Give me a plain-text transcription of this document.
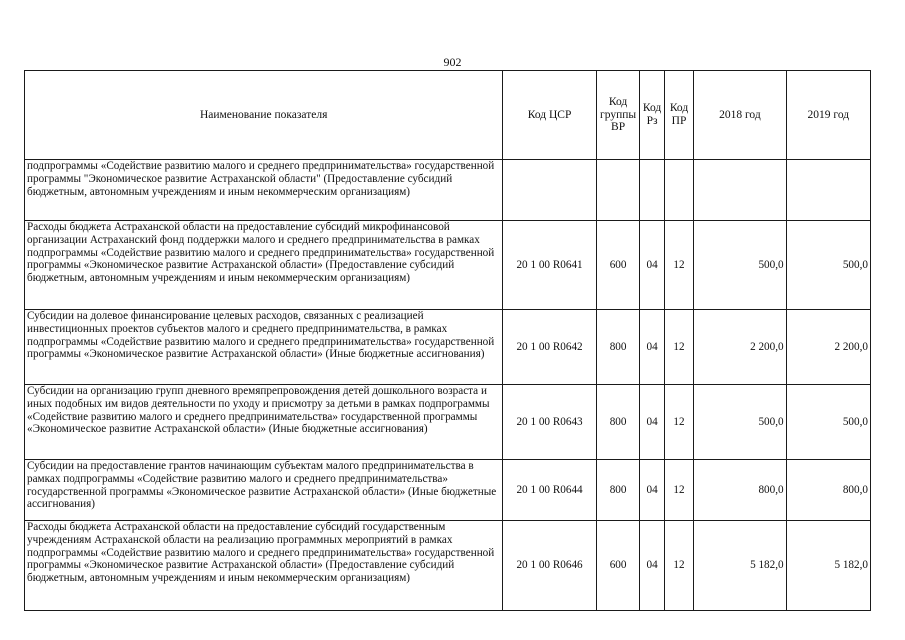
902
Наименование показателя	Код ЦСР	Код группы ВР	Код Рз	Код ПР	2018 год	2019 год
подпрограммы «Содействие развитию малого и среднего предпринимательства» государственной программы "Экономическое развитие Астраханской области" (Предоставление субсидий бюджетным, автономным учреждениям и иным некоммерческим организациям)						
Расходы бюджета Астраханской области на предоставление субсидий микрофинансовой организации Астраханский фонд поддержки малого и среднего предпринимательства в рамках подпрограммы «Содействие развитию малого и среднего предпринимательства» государственной программы «Экономическое развитие Астраханской области» (Предоставление субсидий бюджетным, автономным учреждениям и иным некоммерческим организациям)	20 1 00 R0641	600	04	12	500,0	500,0
Субсидии на долевое финансирование целевых расходов, связанных с реализацией инвестиционных проектов субъектов малого и среднего предпринимательства, в рамках подпрограммы «Содействие развитию малого и среднего предпринимательства» государственной программы «Экономическое развитие Астраханской области» (Иные бюджетные ассигнования)	20 1 00 R0642	800	04	12	2 200,0	2 200,0
Субсидии на организацию групп дневного времяпрепровождения детей дошкольного возраста и иных подобных им видов деятельности по уходу и присмотру за детьми в рамках подпрограммы «Содействие развитию малого и среднего предпринимательства» государственной программы «Экономическое развитие Астраханской области» (Иные бюджетные ассигнования)	20 1 00 R0643	800	04	12	500,0	500,0
Субсидии на предоставление грантов начинающим субъектам малого предпринимательства в рамках подпрограммы «Содействие развитию малого и среднего предпринимательства» государственной программы «Экономическое развитие Астраханской области» (Иные бюджетные ассигнования)	20 1 00 R0644	800	04	12	800,0	800,0
Расходы бюджета Астраханской области на предоставление субсидий государственным учреждениям Астраханской области на реализацию программных мероприятий в рамках подпрограммы «Содействие развитию малого и среднего предпринимательства» государственной программы «Экономическое развитие Астраханской области» (Предоставление субсидий бюджетным, автономным учреждениям и иным некоммерческим организациям)	20 1 00 R0646	600	04	12	5 182,0	5 182,0
